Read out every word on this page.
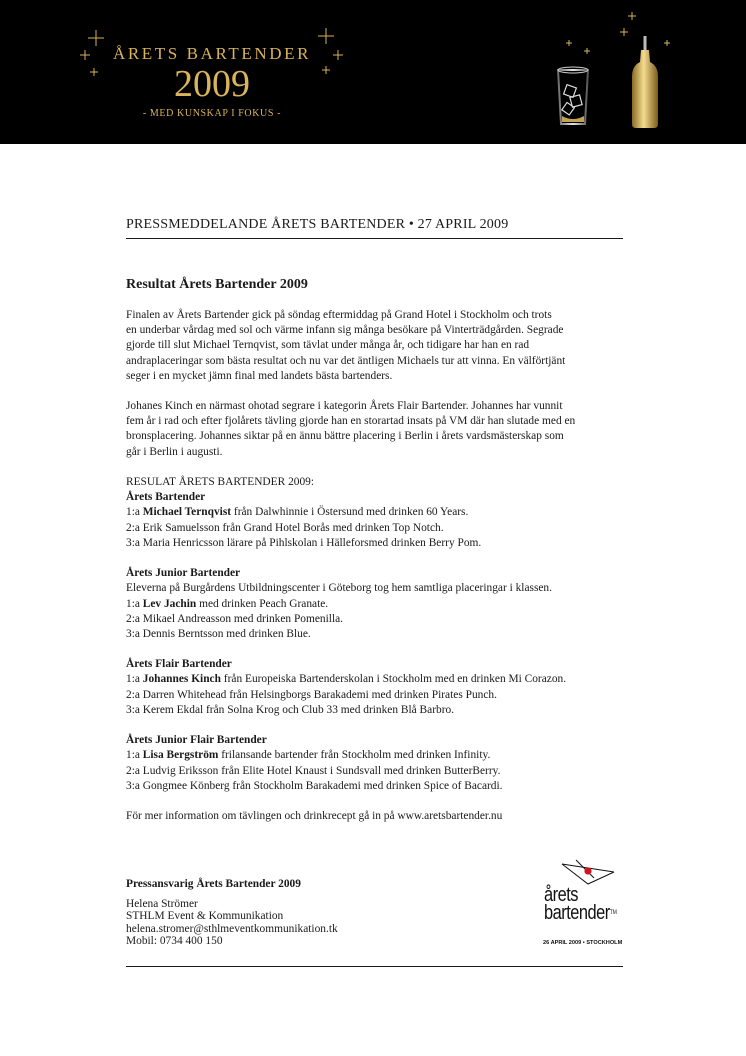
ÅRETS BARTENDER
2009
- MED KUNSKAP I FOKUS -
PRESSMEDDELANDE ÅRETS BARTENDER • 27 APRIL 2009
Resultat Årets Bartender 2009
Finalen av Årets Bartender gick på söndag eftermiddag på Grand Hotel i Stockholm och trots
en underbar vårdag med sol och värme infann sig många besökare på Vinterträdgården. Segrade
gjorde till slut Michael Ternqvist, som tävlat under många år, och tidigare har han en rad
andraplaceringar som bästa resultat och nu var det äntligen Michaels tur att vinna. En välförtjänt
seger i en mycket jämn final med landets bästa bartenders.
Johanes Kinch en närmast ohotad segrare i kategorin Årets Flair Bartender. Johannes har vunnit
fem år i rad och efter fjolårets tävling gjorde han en storartad insats på VM där han slutade med en
bronsplacering. Johannes siktar på en ännu bättre placering i Berlin i årets vardsmästerskap som
går i Berlin i augusti.
RESULAT ÅRETS BARTENDER 2009:
Årets Bartender
1:a Michael Ternqvist från Dalwhinnie i Östersund med drinken 60 Years.
2:a Erik Samuelsson från Grand Hotel Borås med drinken Top Notch.
3:a Maria Henricsson lärare på Pihlskolan i Hälleforsmed drinken Berry Pom.
Årets Junior Bartender
Eleverna på Burgårdens Utbildningscenter i Göteborg tog hem samtliga placeringar i klassen.
1:a Lev Jachin med drinken Peach Granate.
2:a Mikael Andreasson med drinken Pomenilla.
3:a Dennis Berntsson med drinken Blue.
Årets Flair Bartender
1:a Johannes Kinch från Europeiska Bartenderskolan i Stockholm med en drinken Mi Corazon.
2:a Darren Whitehead från Helsingborgs Barakademi med drinken Pirates Punch.
3:a Kerem Ekdal från Solna Krog och Club 33 med drinken Blå Barbro.
Årets Junior Flair Bartender
1:a Lisa Bergström frilansande bartender från Stockholm med drinken Infinity.
2:a Ludvig Eriksson från Elite Hotel Knaust i Sundsvall med drinken ButterBerry.
3:a Gongmee Könberg från Stockholm Barakademi med drinken Spice of Bacardi.
För mer information om tävlingen och drinkrecept gå in på www.aretsbartender.nu
Pressansvarig Årets Bartender 2009
Helena Strömer
STHLM Event & Kommunikation
helena.stromer@sthlmeventkommunikation.tk
Mobil: 0734 400 150
årets
bartender™
26 APRIL 2009 • STOCKHOLM
